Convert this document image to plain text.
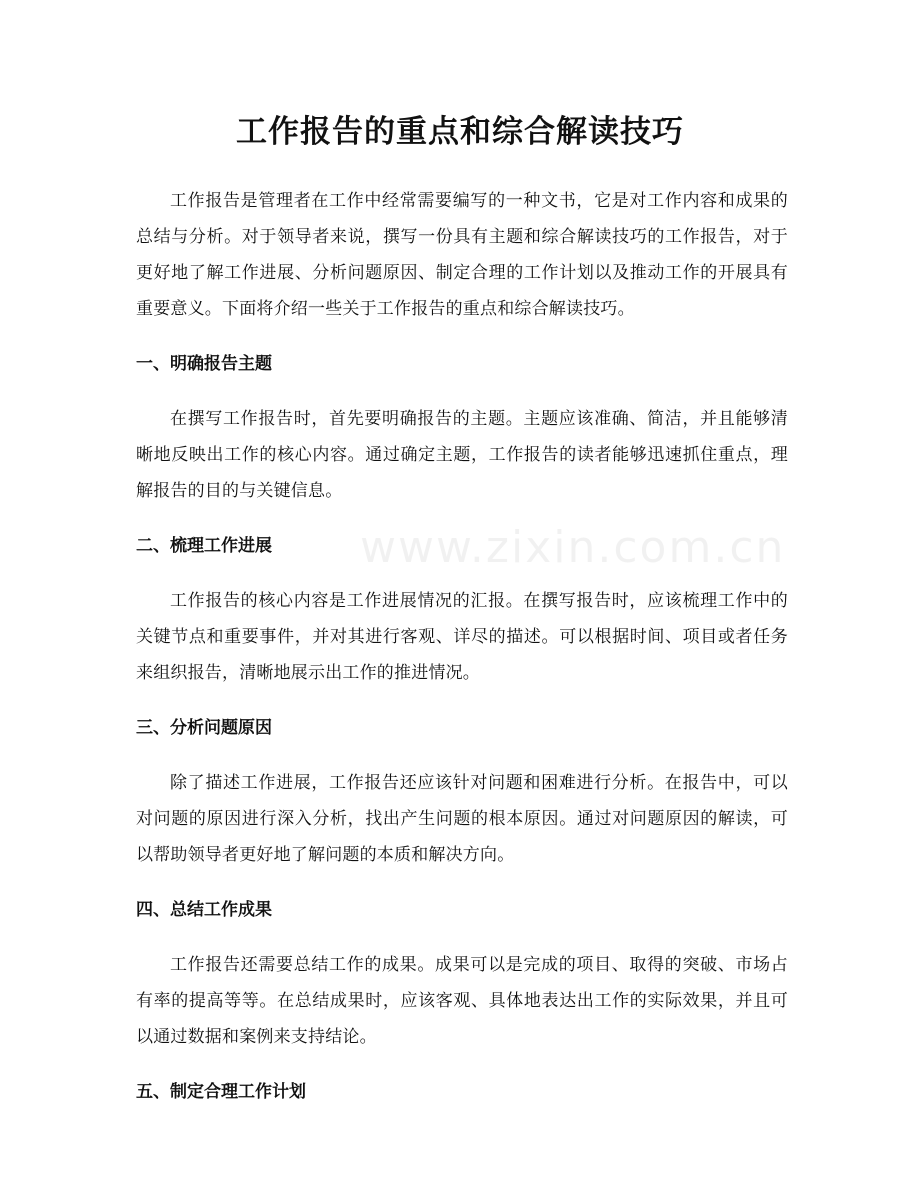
工作报告的重点和综合解读技巧

工作报告是管理者在工作中经常需要编写的一种文书，它是对工作内容和成果的总结与分析。对于领导者来说，撰写一份具有主题和综合解读技巧的工作报告，对于更好地了解工作进展、分析问题原因、制定合理的工作计划以及推动工作的开展具有重要意义。下面将介绍一些关于工作报告的重点和综合解读技巧。

一、明确报告主题

在撰写工作报告时，首先要明确报告的主题。主题应该准确、简洁，并且能够清晰地反映出工作的核心内容。通过确定主题，工作报告的读者能够迅速抓住重点，理解报告的目的与关键信息。

二、梳理工作进展

工作报告的核心内容是工作进展情况的汇报。在撰写报告时，应该梳理工作中的关键节点和重要事件，并对其进行客观、详尽的描述。可以根据时间、项目或者任务来组织报告，清晰地展示出工作的推进情况。

三、分析问题原因

除了描述工作进展，工作报告还应该针对问题和困难进行分析。在报告中，可以对问题的原因进行深入分析，找出产生问题的根本原因。通过对问题原因的解读，可以帮助领导者更好地了解问题的本质和解决方向。

四、总结工作成果

工作报告还需要总结工作的成果。成果可以是完成的项目、取得的突破、市场占有率的提高等等。在总结成果时，应该客观、具体地表达出工作的实际效果，并且可以通过数据和案例来支持结论。

五、制定合理工作计划
www.zixin.com.cn
